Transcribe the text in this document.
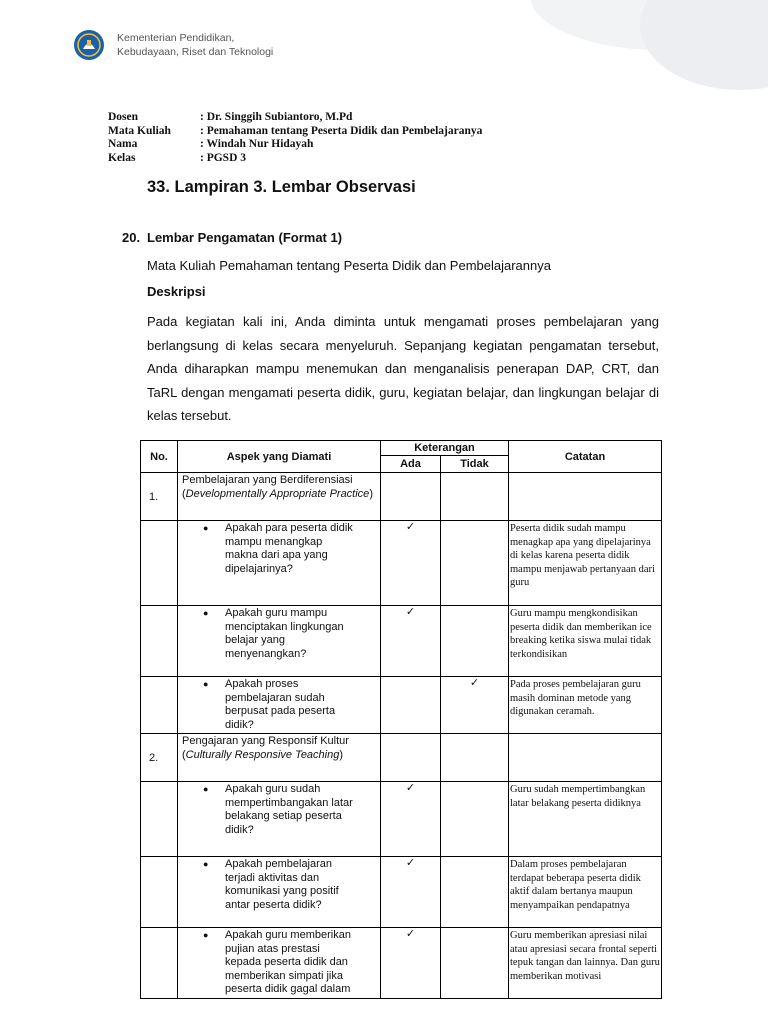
Kementerian Pendidikan,
Kebudayaan, Riset dan Teknologi
Dosen	: Dr. Singgih Subiantoro, M.Pd
Mata Kuliah	: Pemahaman tentang Peserta Didik dan Pembelajaranya
Nama	: Windah Nur Hidayah
Kelas	: PGSD 3
33. Lampiran 3. Lembar Observasi
20. Lembar Pengamatan (Format 1)
Mata Kuliah Pemahaman tentang Peserta Didik dan Pembelajarannya
Deskripsi
Pada kegiatan kali ini, Anda diminta untuk mengamati proses pembelajaran yang berlangsung di kelas secara menyeluruh. Sepanjang kegiatan pengamatan tersebut, Anda diharapkan mampu menemukan dan menganalisis penerapan DAP, CRT, dan TaRL dengan mengamati peserta didik, guru, kegiatan belajar, dan lingkungan belajar di kelas tersebut.
No.	Aspek yang Diamati	Keterangan		Catatan
		Ada	Tidak	
1.	Pembelajaran yang Berdiferensiasi (Developmentally Appropriate Practice)			

	● Apakah para peserta didik mampu menangkap makna dari apa yang dipelajarinya?	✓		Peserta didik sudah mampu menagkap apa yang dipelajarinya di kelas karena peserta didik mampu menjawab pertanyaan dari guru

	● Apakah guru mampu menciptakan lingkungan belajar yang menyenangkan?	✓		Guru mampu mengkondisikan peserta didik dan memberikan ice breaking ketika siswa mulai tidak terkondisikan

	● Apakah proses pembelajaran sudah berpusat pada peserta didik?		✓	Pada proses pembelajaran guru masih dominan metode yang digunakan ceramah.
2.	Pengajaran yang Responsif Kultur (Culturally Responsive Teaching)			

	● Apakah guru sudah mempertimbangakan latar belakang setiap peserta didik?	✓		Guru sudah mempertimbangkan latar belakang peserta didiknya

	● Apakah pembelajaran terjadi aktivitas dan komunikasi yang positif antar peserta didik?	✓		Dalam proses pembelajaran terdapat beberapa peserta didik aktif dalam bertanya maupun menyampaikan pendapatnya

	● Apakah guru memberikan pujian atas prestasi kepada peserta didik dan memberikan simpati jika peserta didik gagal dalam	✓		Guru memberikan apresiasi nilai atau apresiasi secara frontal seperti tepuk tangan dan lainnya. Dan guru memberikan motivasi
